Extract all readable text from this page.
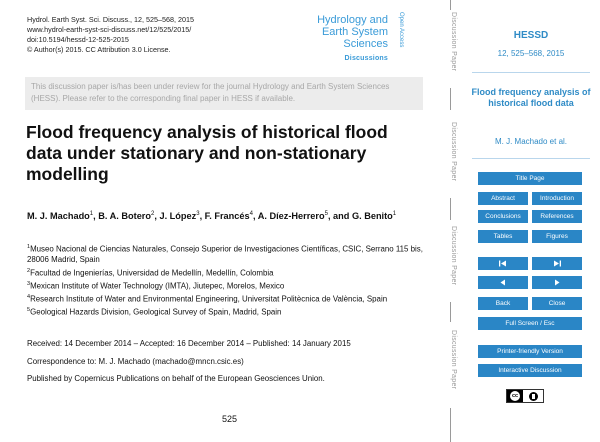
Hydrol. Earth Syst. Sci. Discuss., 12, 525–568, 2015
www.hydrol-earth-syst-sci-discuss.net/12/525/2015/
doi:10.5194/hessd-12-525-2015
© Author(s) 2015. CC Attribution 3.0 License.
Hydrology and
Earth System
Sciences
Discussions
Open Access
This discussion paper is/has been under review for the journal Hydrology and Earth System Sciences (HESS). Please refer to the corresponding final paper in HESS if available.
Flood frequency analysis of historical flood data under stationary and non-stationary modelling
M. J. Machado$^1$, B. A. Botero$^2$, J. López$^3$, F. Francés$^4$, A. Díez-Herrero$^5$, and G. Benito$^1$
$^1$Museo Nacional de Ciencias Naturales, Consejo Superior de Investigaciones Científicas, CSIC, Serrano 115 bis, 28006 Madrid, Spain
$^2$Facultad de Ingenierías, Universidad de Medellín, Medellín, Colombia
$^3$Mexican Institute of Water Technology (IMTA), Jiutepec, Morelos, Mexico
$^4$Research Institute of Water and Environmental Engineering, Universitat Politècnica de València, Spain
$^5$Geological Hazards Division, Geological Survey of Spain, Madrid, Spain
Received: 14 December 2014 – Accepted: 16 December 2014 – Published: 14 January 2015
Correspondence to: M. J. Machado (machado@mncn.csic.es)
Published by Copernicus Publications on behalf of the European Geosciences Union.
525
Discussion Paper
Discussion Paper
Discussion Paper
Discussion Paper
HESSD
12, 525–568, 2015
Flood frequency analysis of historical flood data
M. J. Machado et al.
Title Page
Abstract	Introduction
Conclusions	References
Tables	Figures
Back	Close
Full Screen / Esc
Printer-friendly Version
Interactive Discussion
cc
